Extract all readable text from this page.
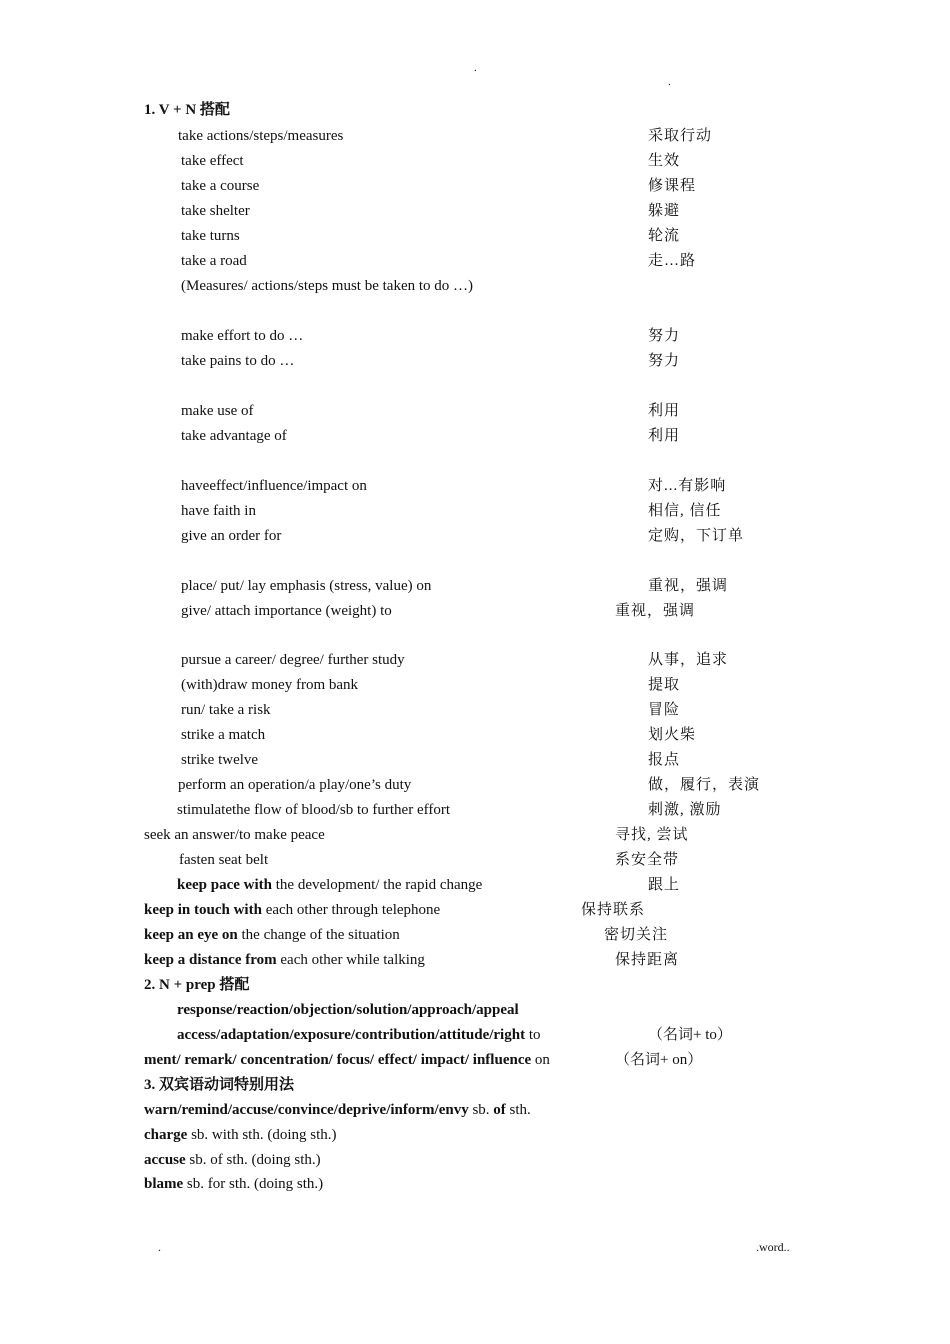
.
.
1. V + N 搭配
take actions/steps/measures	采取行动
take effect	生效
take a course	修课程
take shelter	躲避
take turns	轮流
take a road	走…路
(Measures/ actions/steps must be taken to do …)
make effort to do …	努力
take pains to do …	努力
make use of	利用
take advantage of	利用
haveeffect/influence/impact on	对...有影响
have faith in	相信, 信任
give an order for	定购，下订单
place/ put/ lay emphasis (stress, value) on	重视，强调
give/ attach importance (weight) to	重视，强调
pursue a career/ degree/ further study	从事，追求
(with)draw money from bank	提取
run/ take a risk	冒险
strike a match	划火柴
strike twelve	报点
perform an operation/a play/one’s duty	做，履行，表演
stimulatethe flow of blood/sb to further effort	刺激, 激励
seek an answer/to make peace	寻找, 尝试
fasten seat belt	系安全带
keep pace with the development/ the rapid change	跟上
keep in touch with each other through telephone	保持联系
keep an eye on the change of the situation	密切关注
keep a distance from each other while talking	保持距离
2. N + prep 搭配
response/reaction/objection/solution/approach/appeal
access/adaptation/exposure/contribution/attitude/right to	（名词+ to）
ment/ remark/ concentration/ focus/ effect/ impact/ influence on	（名词+ on）
3. 双宾语动词特别用法
warn/remind/accuse/convince/deprive/inform/envy sb. of sth.
charge sb. with sth. (doing sth.)
accuse sb. of sth. (doing sth.)
blame sb. for sth. (doing sth.)
.	.word..
